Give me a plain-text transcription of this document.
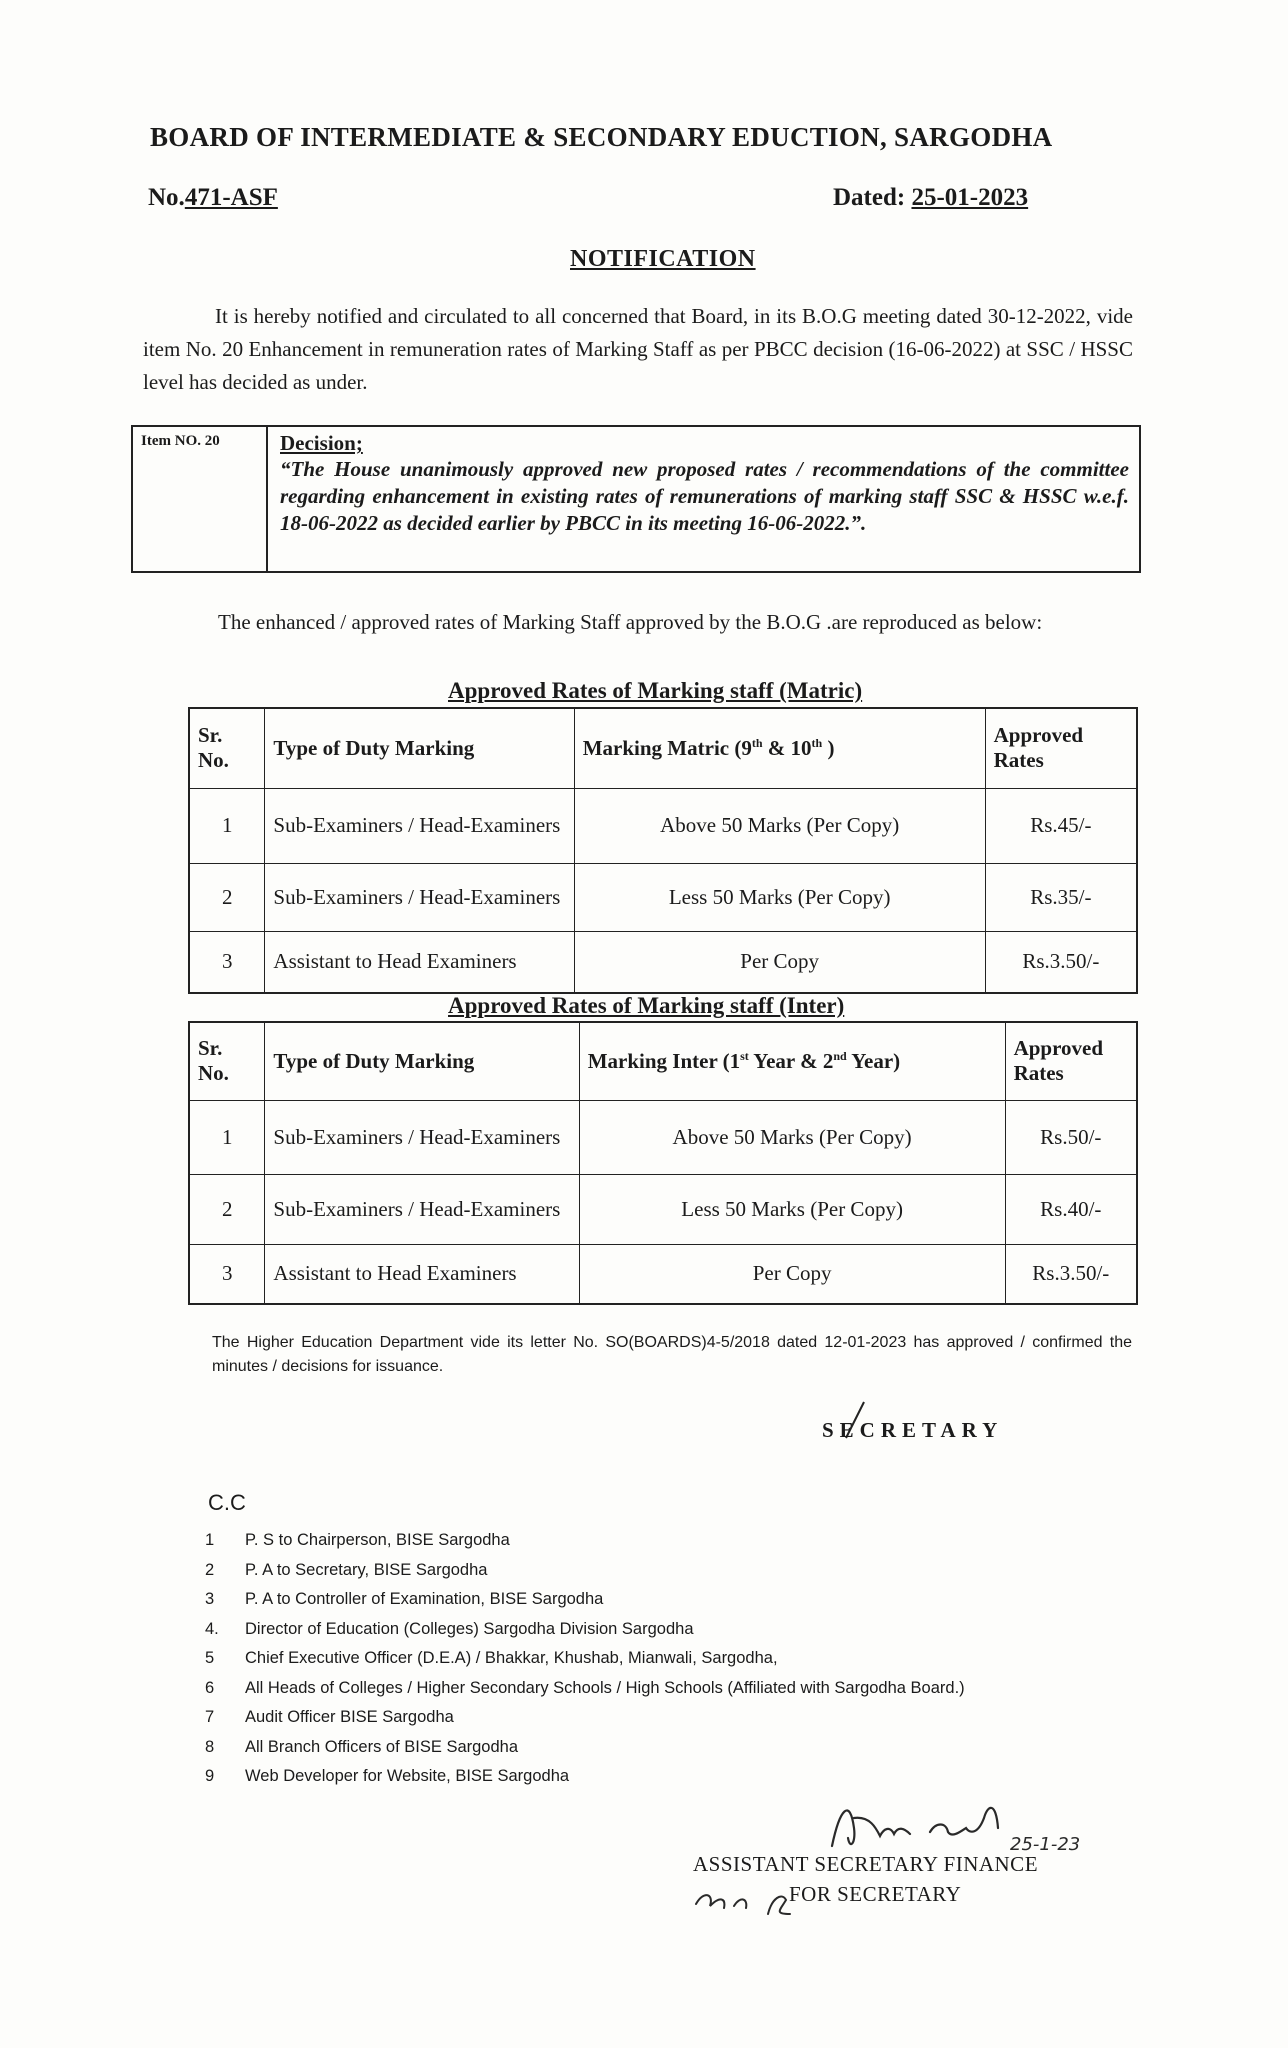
BOARD OF INTERMEDIATE & SECONDARY EDUCTION, SARGODHA
No.471-ASF	Dated: 25-01-2023
NOTIFICATION
It is hereby notified and circulated to all concerned that Board, in its B.O.G meeting dated 30-12-2022, vide item No. 20 Enhancement in remuneration rates of Marking Staff as per PBCC decision (16-06-2022) at SSC / HSSC level has decided as under.
Item NO. 20	Decision;
“The House unanimously approved new proposed rates / recommendations of the committee regarding enhancement in existing rates of remunerations of marking staff SSC & HSSC w.e.f. 18-06-2022 as decided earlier by PBCC in its meeting 16-06-2022.”.
The enhanced / approved rates of Marking Staff approved by the B.O.G .are reproduced as below:
Approved Rates of Marking staff (Matric)
Sr. No.	Type of Duty Marking	Marking Matric (9th & 10th )	Approved Rates
1	Sub-Examiners / Head-Examiners	Above 50 Marks (Per Copy)	Rs.45/-
2	Sub-Examiners / Head-Examiners	Less 50 Marks (Per Copy)	Rs.35/-
3	Assistant to Head Examiners	Per Copy	Rs.3.50/-
Approved Rates of Marking staff (Inter)
Sr. No.	Type of Duty Marking	Marking Inter (1st Year & 2nd Year)	Approved Rates
1	Sub-Examiners / Head-Examiners	Above 50 Marks (Per Copy)	Rs.50/-
2	Sub-Examiners / Head-Examiners	Less 50 Marks (Per Copy)	Rs.40/-
3	Assistant to Head Examiners	Per Copy	Rs.3.50/-
The Higher Education Department vide its letter No. SO(BOARDS)4-5/2018 dated 12-01-2023 has approved / confirmed the minutes / decisions for issuance.
SECRETARY
C.C
1	P. S to Chairperson, BISE Sargodha
2	P. A to Secretary, BISE Sargodha
3	P. A to Controller of Examination, BISE Sargodha
4.	Director of Education (Colleges) Sargodha Division Sargodha
5	Chief Executive Officer (D.E.A) / Bhakkar, Khushab, Mianwali, Sargodha,
6	All Heads of Colleges / Higher Secondary Schools / High Schools (Affiliated with Sargodha Board.)
7	Audit Officer BISE Sargodha
8	All Branch Officers of BISE Sargodha
9	Web Developer for Website, BISE Sargodha
25-1-23
ASSISTANT SECRETARY FINANCE
FOR SECRETARY
